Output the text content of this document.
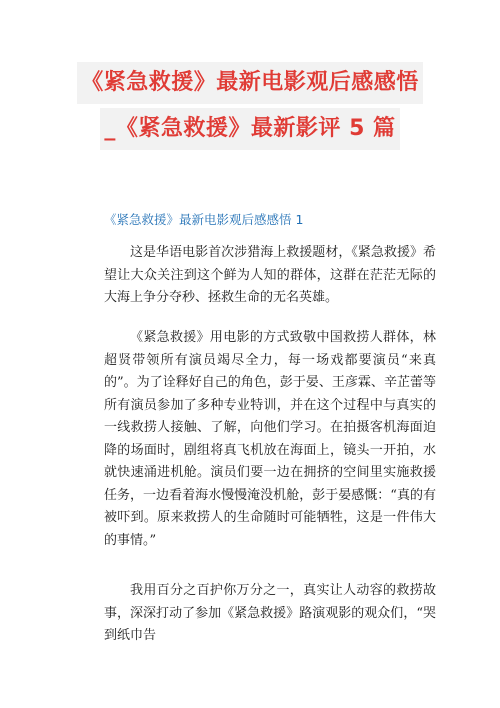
《紧急救援》最新电影观后感感悟
_《紧急救援》最新影评 5 篇
《紧急救援》最新电影观后感感悟 1

这是华语电影首次涉猎海上救援题材，《紧急救援》希望让大众关注到这个鲜为人知的群体，这群在茫茫无际的大海上争分夺秒、拯救生命的无名英雄。

《紧急救援》用电影的方式致敬中国救捞人群体，林超贤带领所有演员竭尽全力，每一场戏都要演员“来真的”。为了诠释好自己的角色，彭于晏、王彦霖、辛芷蕾等所有演员参加了多种专业特训，并在这个过程中与真实的一线救捞人接触、了解，向他们学习。在拍摄客机海面迫降的场面时，剧组将真飞机放在海面上，镜头一开拍，水就快速涌进机舱。演员们要一边在拥挤的空间里实施救援任务，一边看着海水慢慢淹没机舱，彭于晏感慨：“真的有被吓到。原来救捞人的生命随时可能牺牲，这是一件伟大的事情。”

我用百分之百护你万分之一，真实让人动容的救捞故事，深深打动了参加《紧急救援》路演观影的观众们，“哭到纸巾告
